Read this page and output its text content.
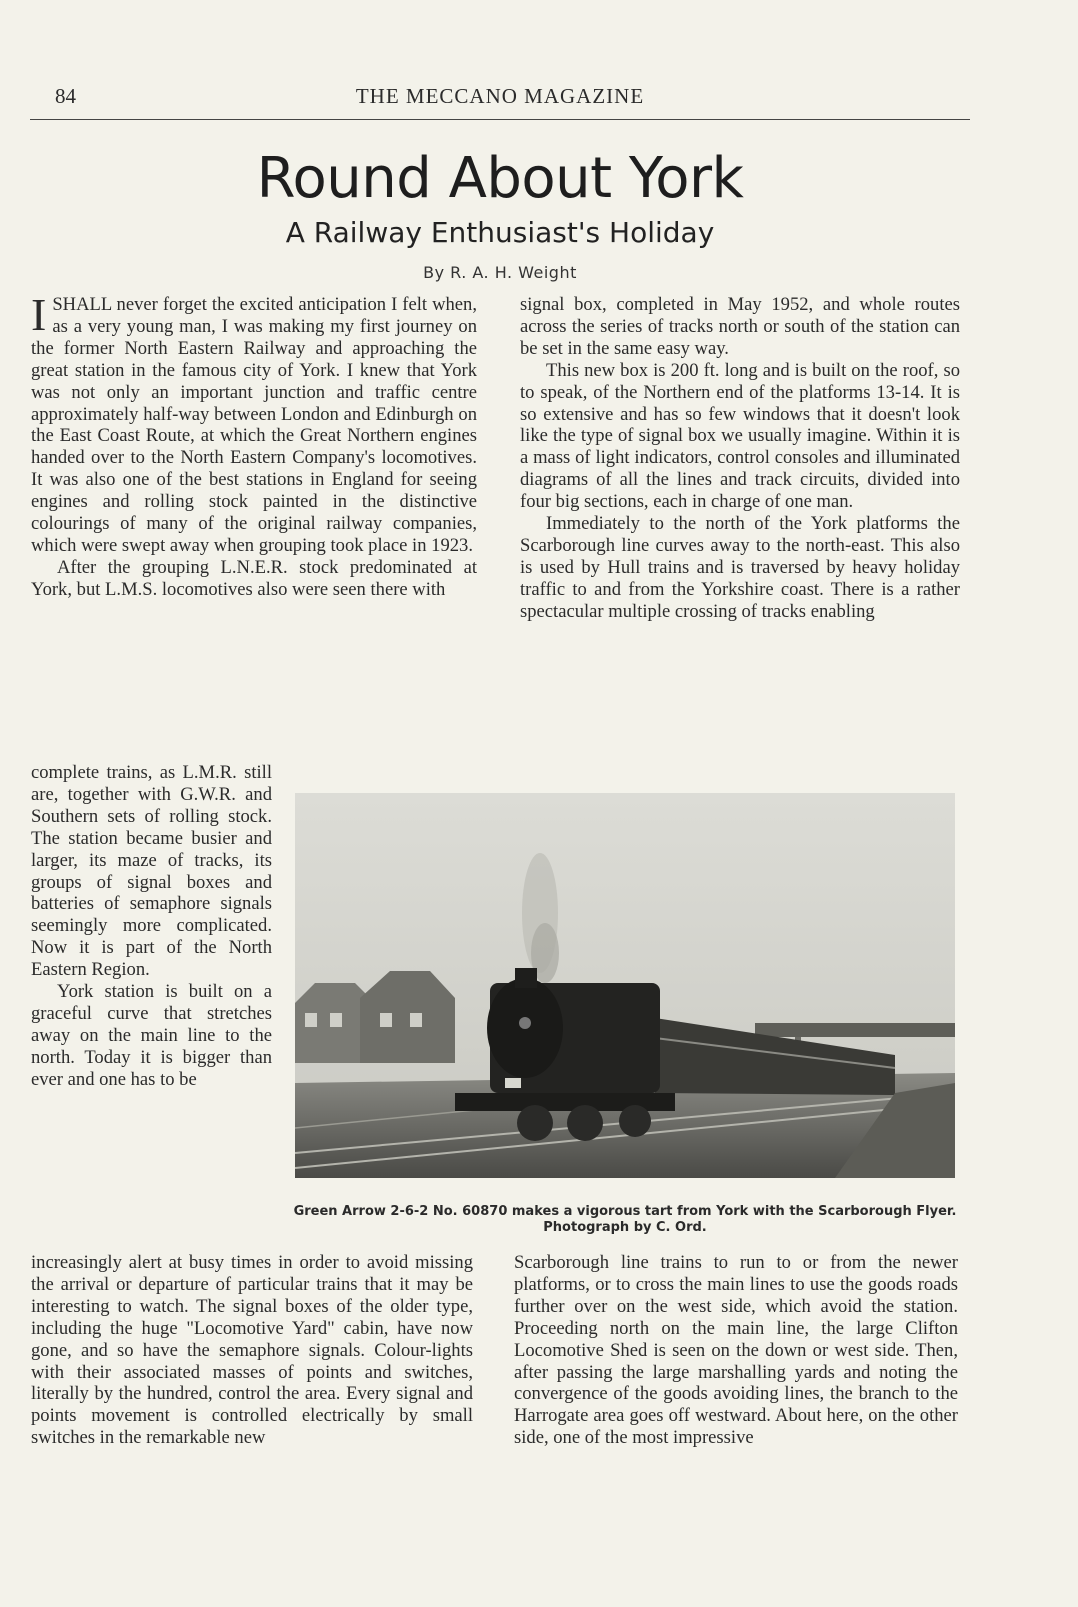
84	THE MECCANO MAGAZINE
Round About York
A Railway Enthusiast's Holiday
By R. A. H. Weight

ISHALL never forget the excited anticipation I felt when, as a very young man, I was making my first journey on the former North Eastern Railway and approaching the great station in the famous city of York. I knew that York was not only an important junction and traffic centre approximately half-way between London and Edinburgh on the East Coast Route, at which the Great Northern engines handed over to the North Eastern Company's locomotives. It was also one of the best stations in England for seeing engines and rolling stock painted in the distinctive colourings of many of the original railway companies, which were swept away when grouping took place in 1923.

After the grouping L.N.E.R. stock predominated at York, but L.M.S. locomotives also were seen there with

complete trains, as L.M.R. still are, together with G.W.R. and Southern sets of rolling stock. The station became busier and larger, its maze of tracks, its groups of signal boxes and batteries of semaphore signals seemingly more complicated. Now it is part of the North Eastern Region.

York station is built on a graceful curve that stretches away on the main line to the north. Today it is bigger than ever and one has to be

increasingly alert at busy times in order to avoid missing the arrival or departure of particular trains that it may be interesting to watch. The signal boxes of the older type, including the huge "Locomotive Yard" cabin, have now gone, and so have the semaphore signals. Colour-lights with their associated masses of points and switches, literally by the hundred, control the area. Every signal and points movement is controlled electrically by small switches in the remarkable new

signal box, completed in May 1952, and whole routes across the series of tracks north or south of the station can be set in the same easy way.

This new box is 200 ft. long and is built on the roof, so to speak, of the Northern end of the platforms 13-14. It is so extensive and has so few windows that it doesn't look like the type of signal box we usually imagine. Within it is a mass of light indicators, control consoles and illuminated diagrams of all the lines and track circuits, divided into four big sections, each in charge of one man.

Immediately to the north of the York platforms the Scarborough line curves away to the north-east. This also is used by Hull trains and is traversed by heavy holiday traffic to and from the Yorkshire coast. There is a rather spectacular multiple crossing of tracks enabling

Scarborough line trains to run to or from the newer platforms, or to cross the main lines to use the goods roads further over on the west side, which avoid the station. Proceeding north on the main line, the large Clifton Locomotive Shed is seen on the down or west side. Then, after passing the large marshalling yards and noting the convergence of the goods avoiding lines, the branch to the Harrogate area goes off westward. About here, on the other side, one of the most impressive

Green Arrow 2-6-2 No. 60870 makes a vigorous tart from York with the Scarborough Flyer. Photograph by C. Ord.
